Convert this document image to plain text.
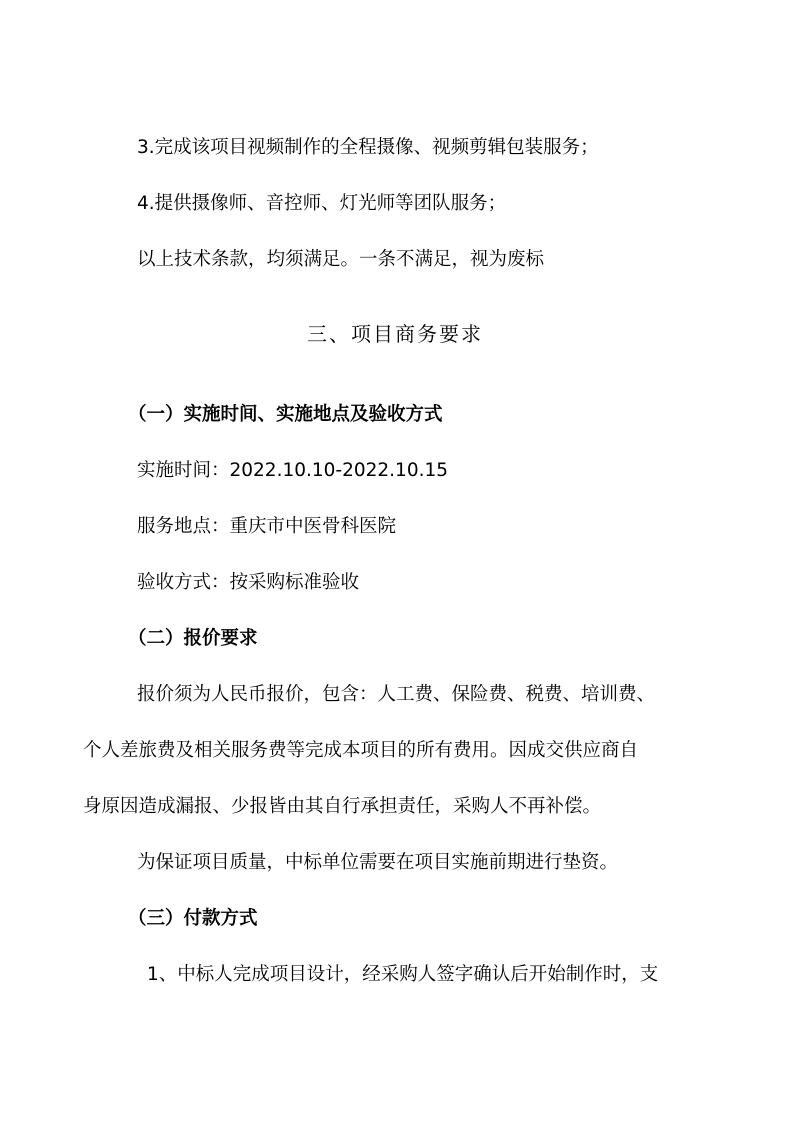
3.完成该项目视频制作的全程摄像、视频剪辑包装服务；
4.提供摄像师、音控师、灯光师等团队服务；
以上技术条款，均须满足。一条不满足，视为废标
三、项目商务要求
（一）实施时间、实施地点及验收方式
实施时间：2022.10.10-2022.10.15
服务地点：重庆市中医骨科医院
验收方式：按采购标准验收
（二）报价要求
报价须为人民币报价，包含：人工费、保险费、税费、培训费、
个人差旅费及相关服务费等完成本项目的所有费用。因成交供应商自
身原因造成漏报、少报皆由其自行承担责任，采购人不再补偿。
为保证项目质量，中标单位需要在项目实施前期进行垫资。
（三）付款方式
1、中标人完成项目设计，经采购人签字确认后开始制作时，支
